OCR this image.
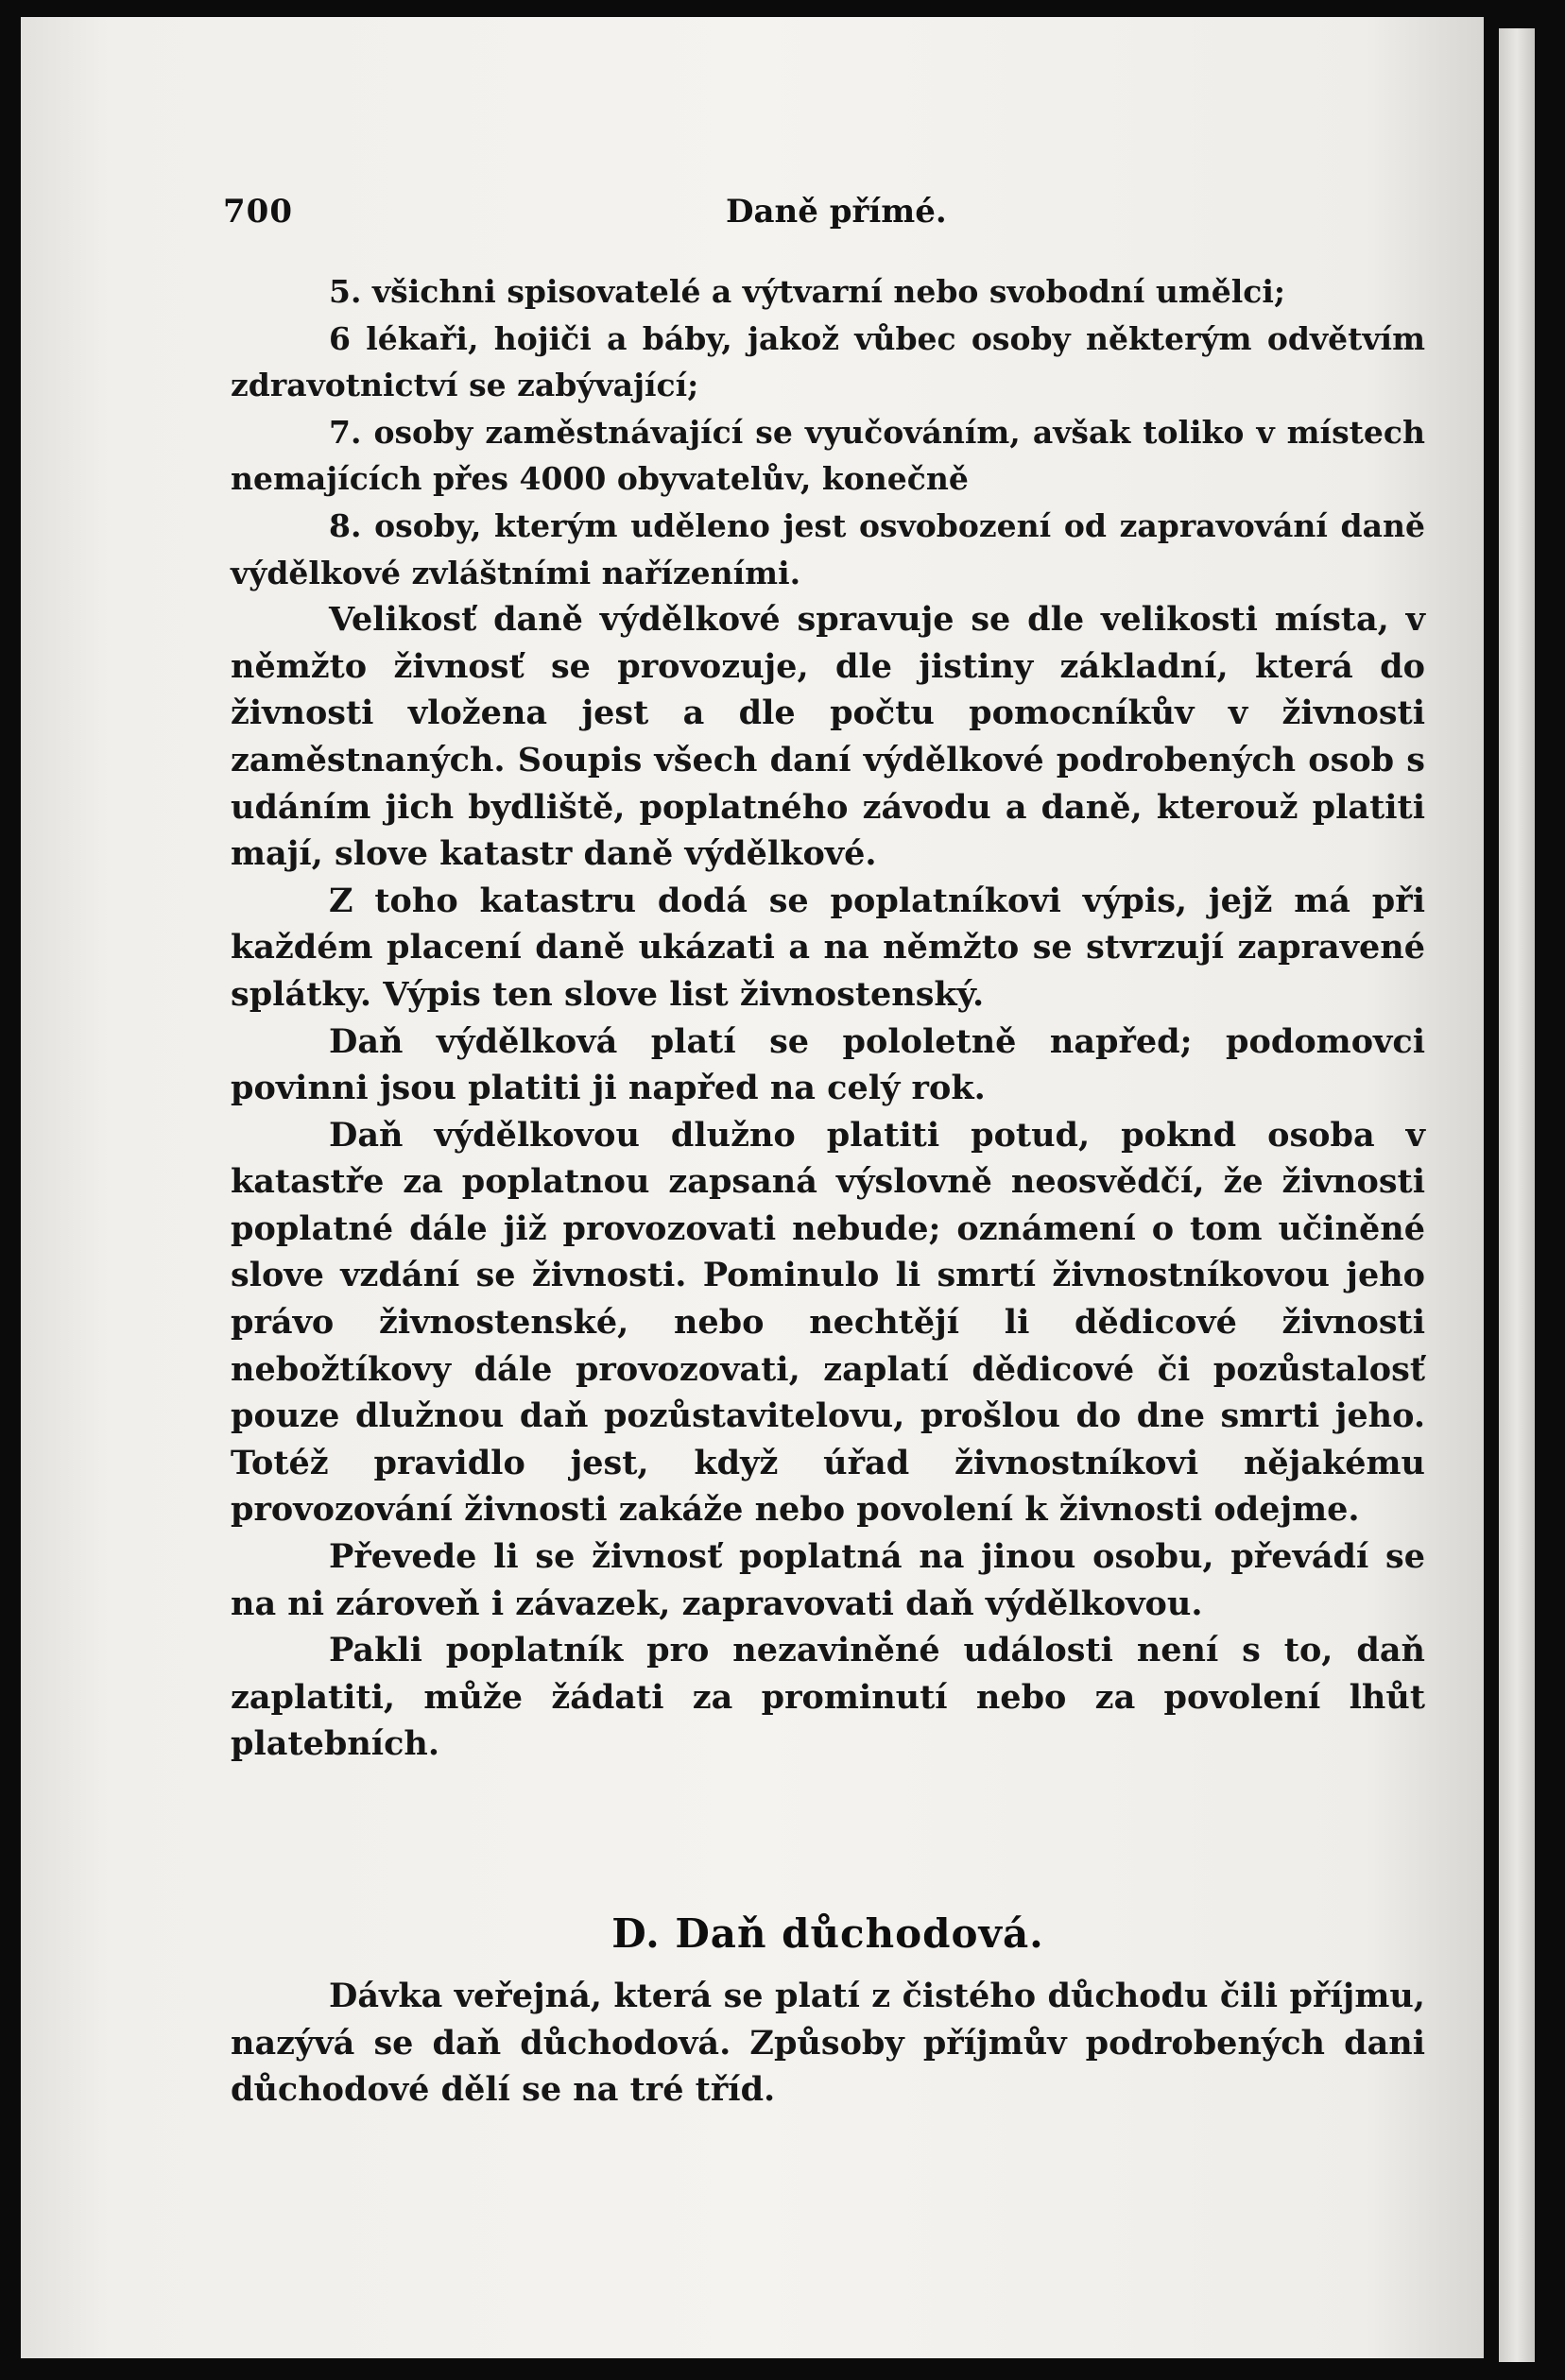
700	Daně přímé.

5. všichni spisovatelé a výtvarní nebo svobodní umělci;

6 lékaři, hojiči a báby, jakož vůbec osoby některým odvětvím zdravotnictví se zabývající;

7. osoby zaměstnávající se vyučováním, avšak toliko v místech nemajících přes 4000 obyvatelův, konečně

8. osoby, kterým uděleno jest osvobození od zapravování daně výdělkové zvláštními nařízeními.

Velikosť daně výdělkové spravuje se dle velikosti místa, v němžto živnosť se provozuje, dle jistiny základní, která do živnosti vložena jest a dle počtu pomocníkův v živnosti zaměstnaných. Soupis všech daní výdělkové podrobených osob s udáním jich bydliště, poplatného závodu a daně, kterouž platiti mají, slove katastr daně výdělkové.

Z toho katastru dodá se poplatníkovi výpis, jejž má při každém placení daně ukázati a na němžto se stvrzují zapravené splátky. Výpis ten slove list živnostenský.

Daň výdělková platí se pololetně napřed; podomovci povinni jsou platiti ji napřed na celý rok.

Daň výdělkovou dlužno platiti potud, poknd osoba v katastře za poplatnou zapsaná výslovně neosvědčí, že živnosti poplatné dále již provozovati nebude; oznámení o tom učiněné slove vzdání se živnosti. Pominulo li smrtí živnostníkovou jeho právo živnostenské, nebo nechtějí li dědicové živnosti nebožtíkovy dále provozovati, zaplatí dědicové či pozůstalosť pouze dlužnou daň pozůstavitelovu, prošlou do dne smrti jeho. Totéž pravidlo jest, když úřad živnostníkovi nějakému provozování živnosti zakáže nebo povolení k živnosti odejme.

Převede li se živnosť poplatná na jinou osobu, převádí se na ni zároveň i závazek, zapravovati daň výdělkovou.

Pakli poplatník pro nezaviněné události není s to, daň zaplatiti, může žádati za prominutí nebo za povolení lhůt platebních.

D. Daň důchodová.

Dávka veřejná, která se platí z čistého důchodu čili příjmu, nazývá se daň důchodová. Způsoby příjmův podrobených dani důchodové dělí se na tré tříd.
